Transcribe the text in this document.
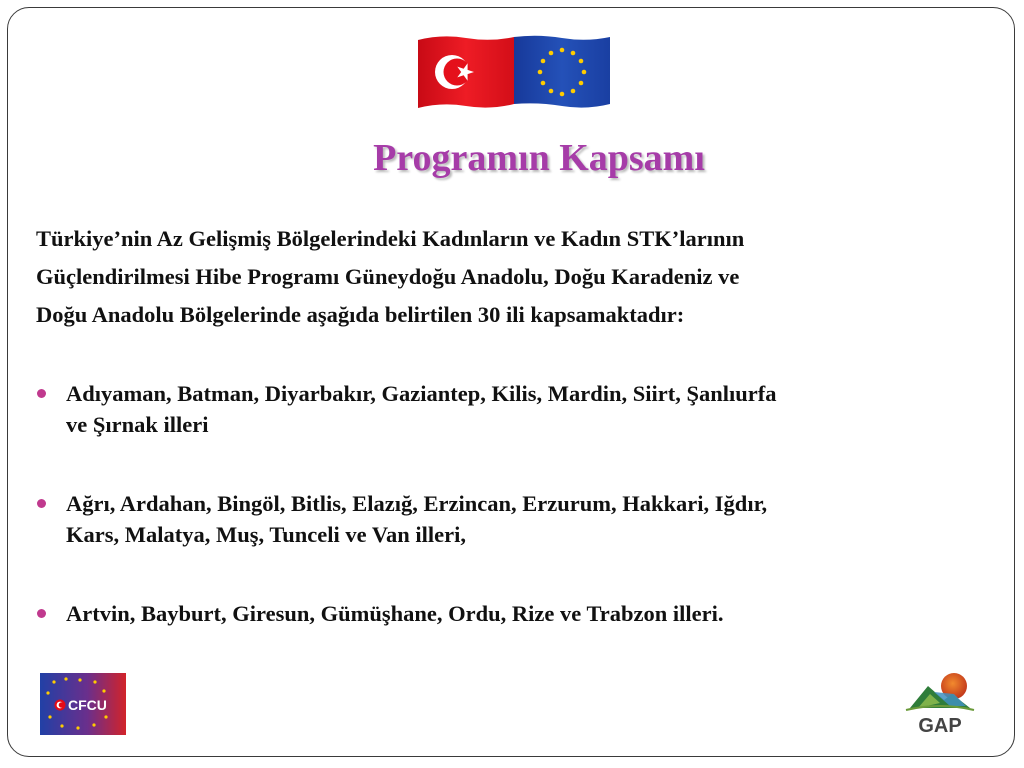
Programın Kapsamı

Türkiye’nin Az Gelişmiş Bölgelerindeki Kadınların ve Kadın STK’larının
Güçlendirilmesi Hibe Programı Güneydoğu Anadolu, Doğu Karadeniz ve
Doğu Anadolu Bölgelerinde aşağıda belirtilen 30 ili kapsamaktadır:

Adıyaman, Batman, Diyarbakır, Gaziantep, Kilis, Mardin, Siirt, Şanlıurfa
ve Şırnak illeri
Ağrı, Ardahan, Bingöl, Bitlis, Elazığ, Erzincan, Erzurum, Hakkari, Iğdır,
Kars, Malatya, Muş, Tunceli ve Van illeri,
Artvin, Bayburt, Giresun, Gümüşhane, Ordu, Rize ve Trabzon illeri.
CFCU
GAP
